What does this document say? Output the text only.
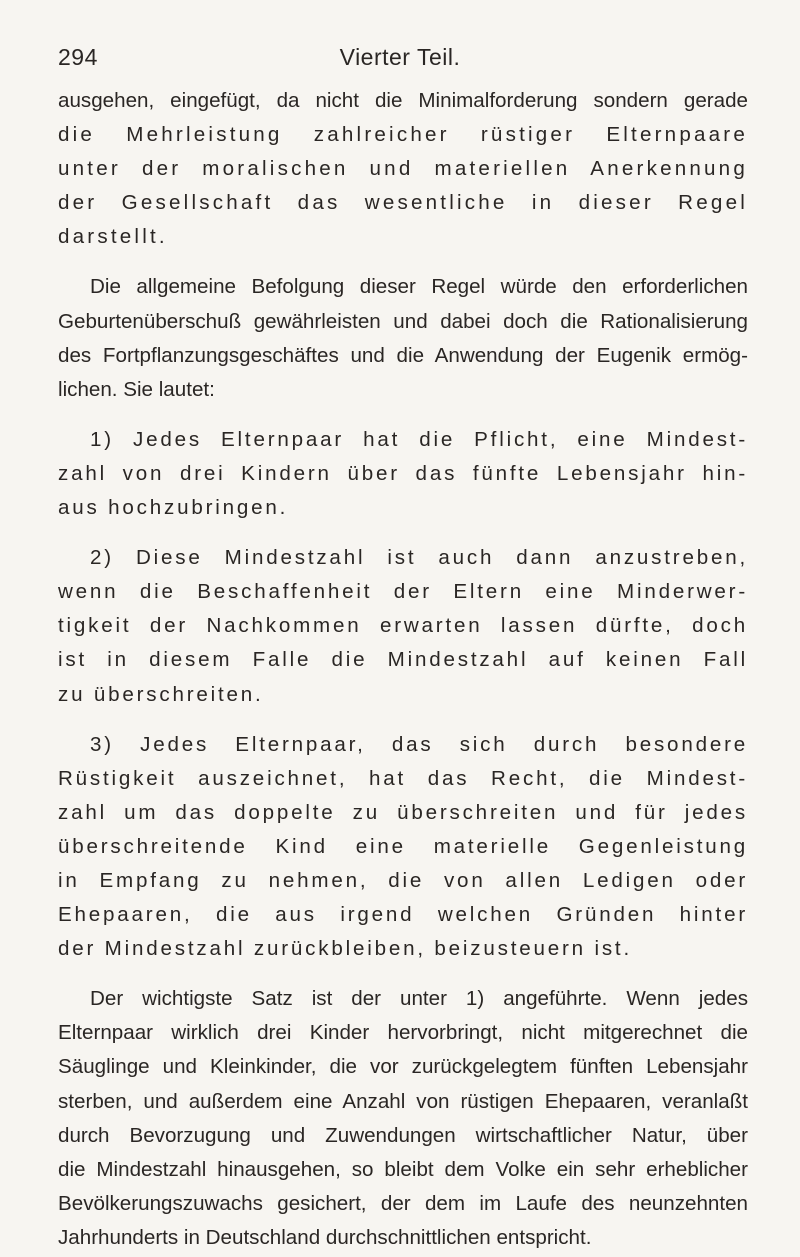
294	Vierter Teil.
ausgehen, eingefügt, da nicht die Minimalforderung sondern gerade
die Mehrleistung zahlreicher rüstiger Elternpaare
unter der moralischen und materiellen Anerkennung
der Gesellschaft das wesentliche in dieser Regel
darstellt.
Die allgemeine Befolgung dieser Regel würde den erforderlichen
Geburtenüberschuß gewährleisten und dabei doch die Rationalisierung
des Fortpflanzungsgeschäftes und die Anwendung der Eugenik ermög-
lichen. Sie lautet:
1) Jedes Elternpaar hat die Pflicht, eine Mindest-
zahl von drei Kindern über das fünfte Lebensjahr hin-
aus hochzubringen.
2) Diese Mindestzahl ist auch dann anzustreben,
wenn die Beschaffenheit der Eltern eine Minderwer-
tigkeit der Nachkommen erwarten lassen dürfte, doch
ist in diesem Falle die Mindestzahl auf keinen Fall
zu überschreiten.
3) Jedes Elternpaar, das sich durch besondere
Rüstigkeit auszeichnet, hat das Recht, die Mindest-
zahl um das doppelte zu überschreiten und für jedes
überschreitende Kind eine materielle Gegenleistung
in Empfang zu nehmen, die von allen Ledigen oder
Ehepaaren, die aus irgend welchen Gründen hinter
der Mindestzahl zurückbleiben, beizusteuern ist.
Der wichtigste Satz ist der unter 1) angeführte. Wenn jedes
Elternpaar wirklich drei Kinder hervorbringt, nicht mitgerechnet die
Säuglinge und Kleinkinder, die vor zurückgelegtem fünften Lebensjahr
sterben, und außerdem eine Anzahl von rüstigen Ehepaaren, veranlaßt
durch Bevorzugung und Zuwendungen wirtschaftlicher Natur, über
die Mindestzahl hinausgehen, so bleibt dem Volke ein sehr erheblicher
Bevölkerungszuwachs gesichert, der dem im Laufe des neunzehnten
Jahrhunderts in Deutschland durchschnittlichen entspricht.
